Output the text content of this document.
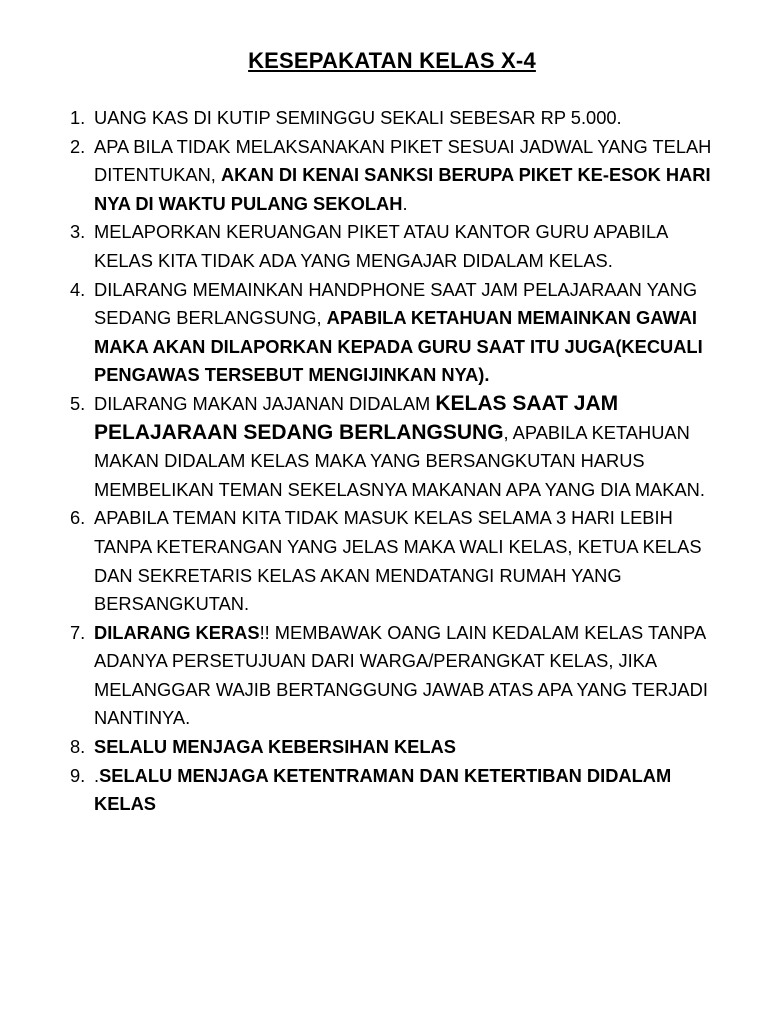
KESEPAKATAN KELAS X-4
1. UANG KAS DI KUTIP SEMINGGU SEKALI SEBESAR RP 5.000.
2. APA BILA TIDAK MELAKSANAKAN PIKET SESUAI JADWAL YANG TELAH DITENTUKAN, AKAN DI KENAI SANKSI BERUPA PIKET KE-ESOK HARI NYA DI WAKTU PULANG SEKOLAH.
3. MELAPORKAN KERUANGAN PIKET ATAU KANTOR GURU APABILA KELAS KITA TIDAK ADA YANG MENGAJAR DIDALAM KELAS.
4. DILARANG MEMAINKAN HANDPHONE SAAT JAM PELAJARAAN YANG SEDANG BERLANGSUNG, APABILA KETAHUAN MEMAINKAN GAWAI MAKA AKAN DILAPORKAN KEPADA GURU SAAT ITU JUGA(KECUALI PENGAWAS TERSEBUT MENGIJINKAN NYA).
5. DILARANG MAKAN JAJANAN DIDALAM KELAS SAAT JAM PELAJARAAN SEDANG BERLANGSUNG, APABILA KETAHUAN MAKAN DIDALAM KELAS MAKA YANG BERSANGKUTAN HARUS MEMBELIKAN TEMAN SEKELASNYA MAKANAN APA YANG DIA MAKAN.
6. APABILA TEMAN KITA TIDAK MASUK KELAS SELAMA 3 HARI LEBIH TANPA KETERANGAN YANG JELAS MAKA WALI KELAS, KETUA KELAS DAN SEKRETARIS KELAS AKAN MENDATANGI RUMAH YANG BERSANGKUTAN.
7. DILARANG KERAS!! MEMBAWAK OANG LAIN KEDALAM KELAS TANPA ADANYA PERSETUJUAN DARI WARGA/PERANGKAT KELAS, JIKA MELANGGAR WAJIB BERTANGGUNG JAWAB ATAS APA YANG TERJADI NANTINYA.
8. SELALU MENJAGA KEBERSIHAN KELAS
9. .SELALU MENJAGA KETENTRAMAN DAN KETERTIBAN DIDALAM KELAS
